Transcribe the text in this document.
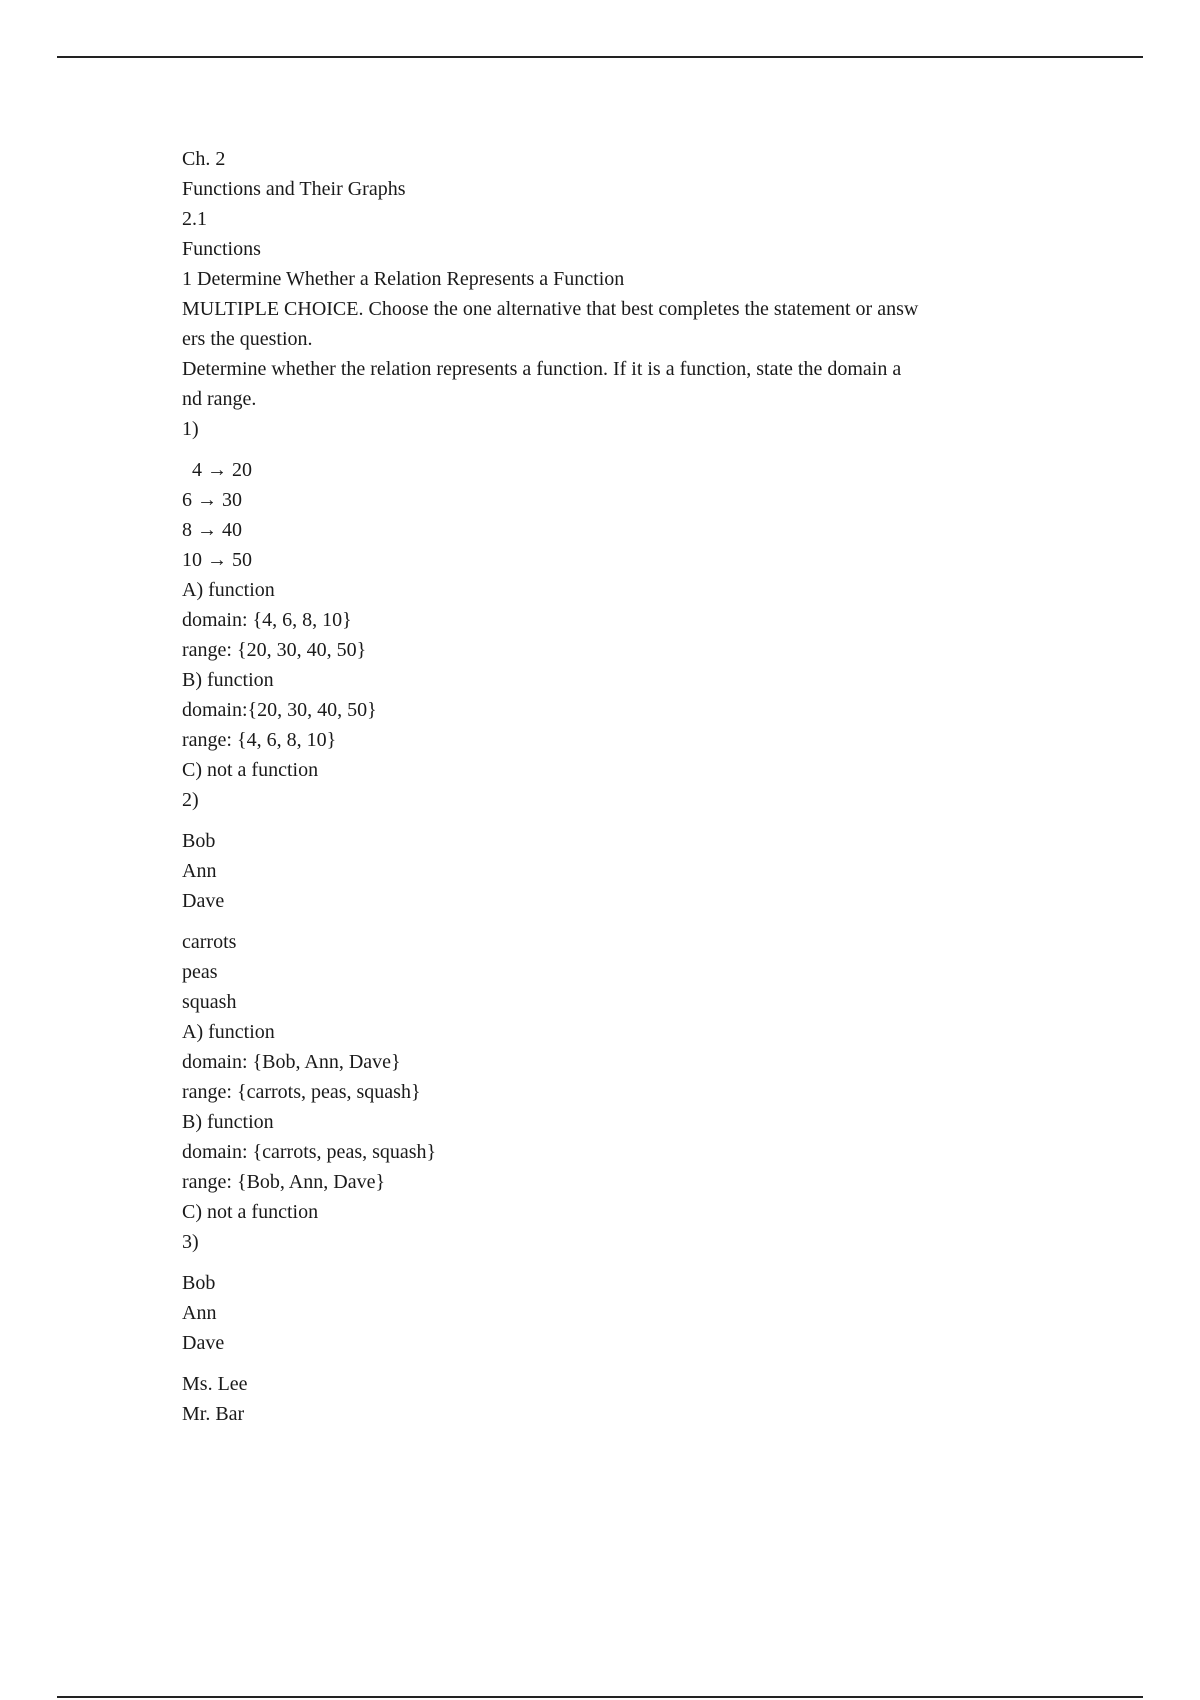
Ch. 2
Functions and Their Graphs
2.1
Functions
1 Determine Whether a Relation Represents a Function
MULTIPLE CHOICE. Choose the one alternative that best completes the statement or answ
ers the question.
Determine whether the relation represents a function. If it is a function, state the domain a
nd range.
1)
4 → 20
6 → 30
8 → 40
10 → 50
A) function
domain: {4, 6, 8, 10}
range: {20, 30, 40, 50}
B) function
domain:{20, 30, 40, 50}
range: {4, 6, 8, 10}
C) not a function
2)
Bob
Ann
Dave
carrots
peas
squash
A) function
domain: {Bob, Ann, Dave}
range: {carrots, peas, squash}
B) function
domain: {carrots, peas, squash}
range: {Bob, Ann, Dave}
C) not a function
3)
Bob
Ann
Dave
Ms. Lee
Mr. Bar
